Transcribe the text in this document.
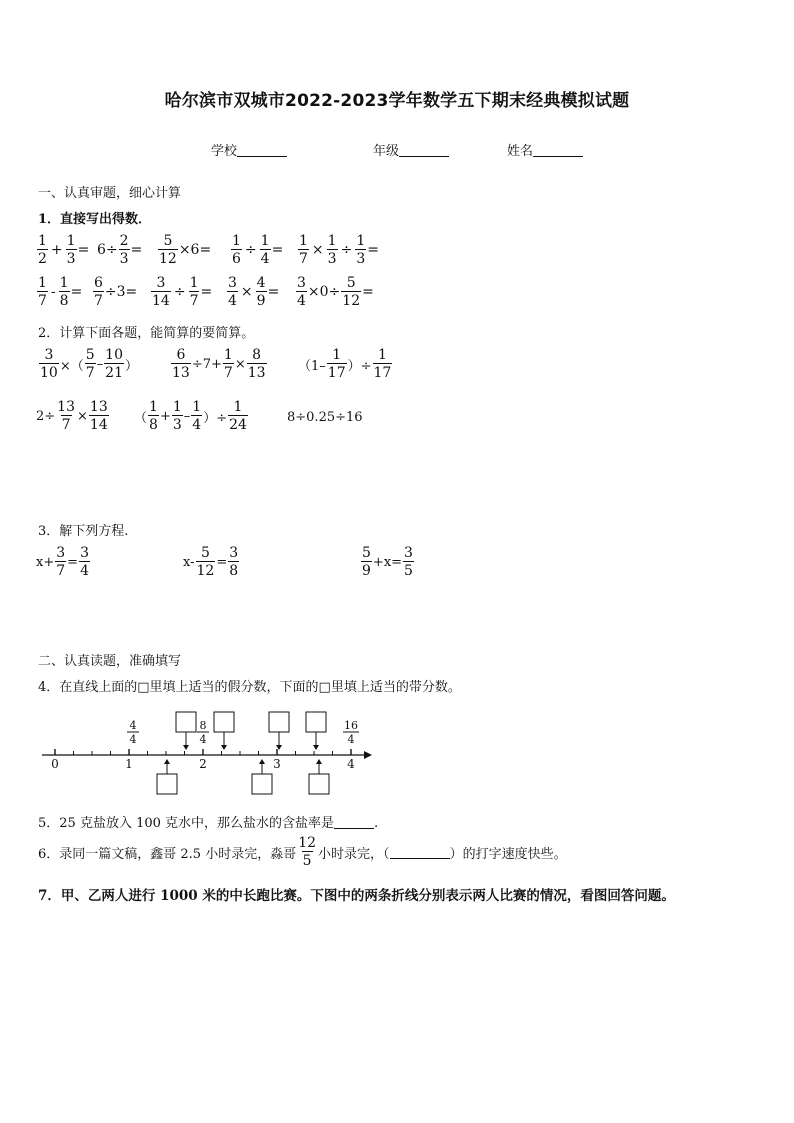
哈尔滨市双城市2022-2023学年数学五下期末经典模拟试题
学校	年级	姓名
一、认真审题，细心计算
1．直接写出得数．
$\frac{1}{2} + \frac{1}{3} = 6\div \frac{2}{3} = \frac{5}{12} \times 6= \frac{1}{6} \div \frac{1}{4} = \frac{1}{7} \times \frac{1}{3} \div \frac{1}{3}$ =
$\frac{1}{7} - \frac{1}{8} = \frac{6}{7} \div 3= \frac{3}{14} \div \frac{1}{7} = \frac{3}{4} \times \frac{4}{9} = \frac{3}{4} \times 0\div \frac{5}{12}$ =
2．计算下面各题，能简算的要简算。
$\frac{3}{10}$ ×（ $\frac{5}{7} - \frac{10}{21}$ ） $\frac{6}{13} \div 7+ \frac{1}{7} \times \frac{8}{13} (1- \frac{1}{17}$ ）÷ $\frac{1}{17}$
$2\div \frac{13}{7} \times \frac{13}{14}$ （ $\frac{1}{8} + \frac{1}{3} - \frac{1}{4}$ ）÷ $\frac{1}{24}$	8÷0.25÷16
3．解下列方程.
$x+ \frac{3}{7} = \frac{3}{4}$	$x- \frac{5}{12} = \frac{3}{8}$	$\frac{5}{9} +x= \frac{3}{5}$
二、认真读题，准确填写
4．在直线上面的□里填上适当的假分数，下面的□里填上适当的带分数。
0	1	2	3	4
4
4
8
4
16
4
5．25 克盐放入 100 克水中，那么盐水的含盐率是	.
6．录同一篇文稿，鑫哥 2.5 小时录完，淼哥 $\frac{12}{5}$ 小时录完，（	）的打字速度快些。
7．甲、乙两人进行 1000 米的中长跑比赛。下图中的两条折线分别表示两人比赛的情况，看图回答问题。
